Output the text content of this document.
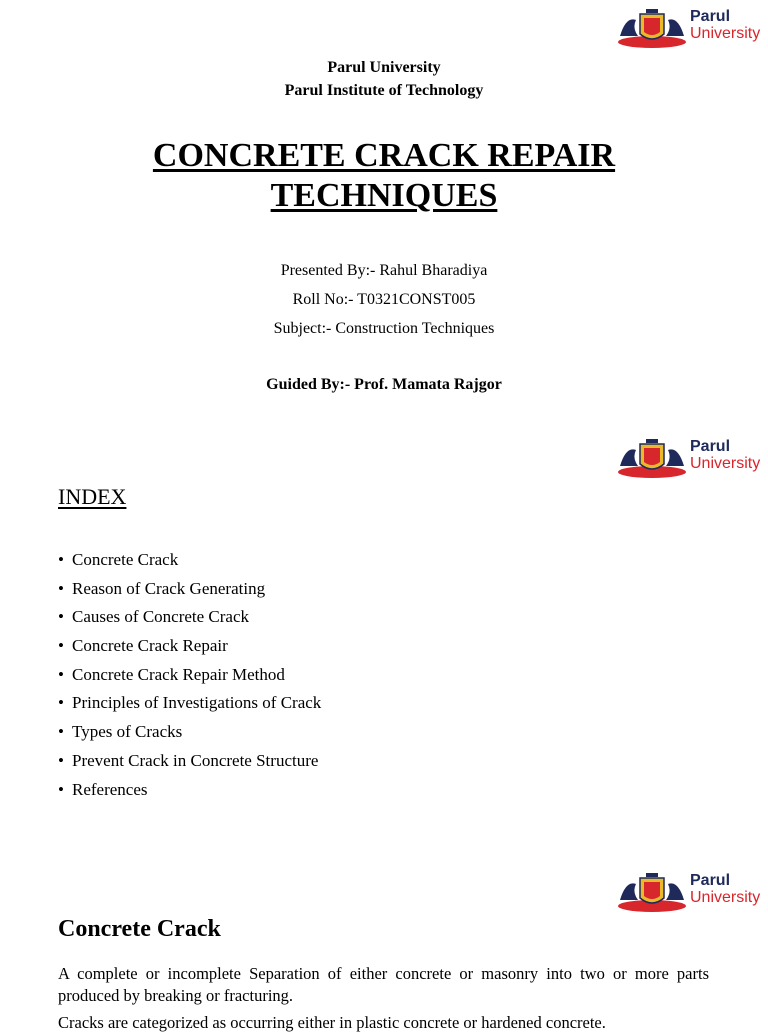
Parul
University
Parul University
Parul Institute of Technology
CONCRETE CRACK REPAIR
TECHNIQUES
Presented By:- Rahul Bharadiya
Roll No:- T0321CONST005
Subject:- Construction Techniques
Guided By:- Prof. Mamata Rajgor
Parul
University
INDEX
• Concrete Crack
• Reason of Crack Generating
• Causes of Concrete Crack
• Concrete Crack Repair
• Concrete Crack Repair Method
• Principles of Investigations of Crack
• Types of Cracks
• Prevent Crack in Concrete Structure
• References
Parul
University
Concrete Crack
A complete or incomplete Separation of either concrete or masonry into two or more parts produced by breaking or fracturing.
Cracks are categorized as occurring either in plastic concrete or hardened concrete.
